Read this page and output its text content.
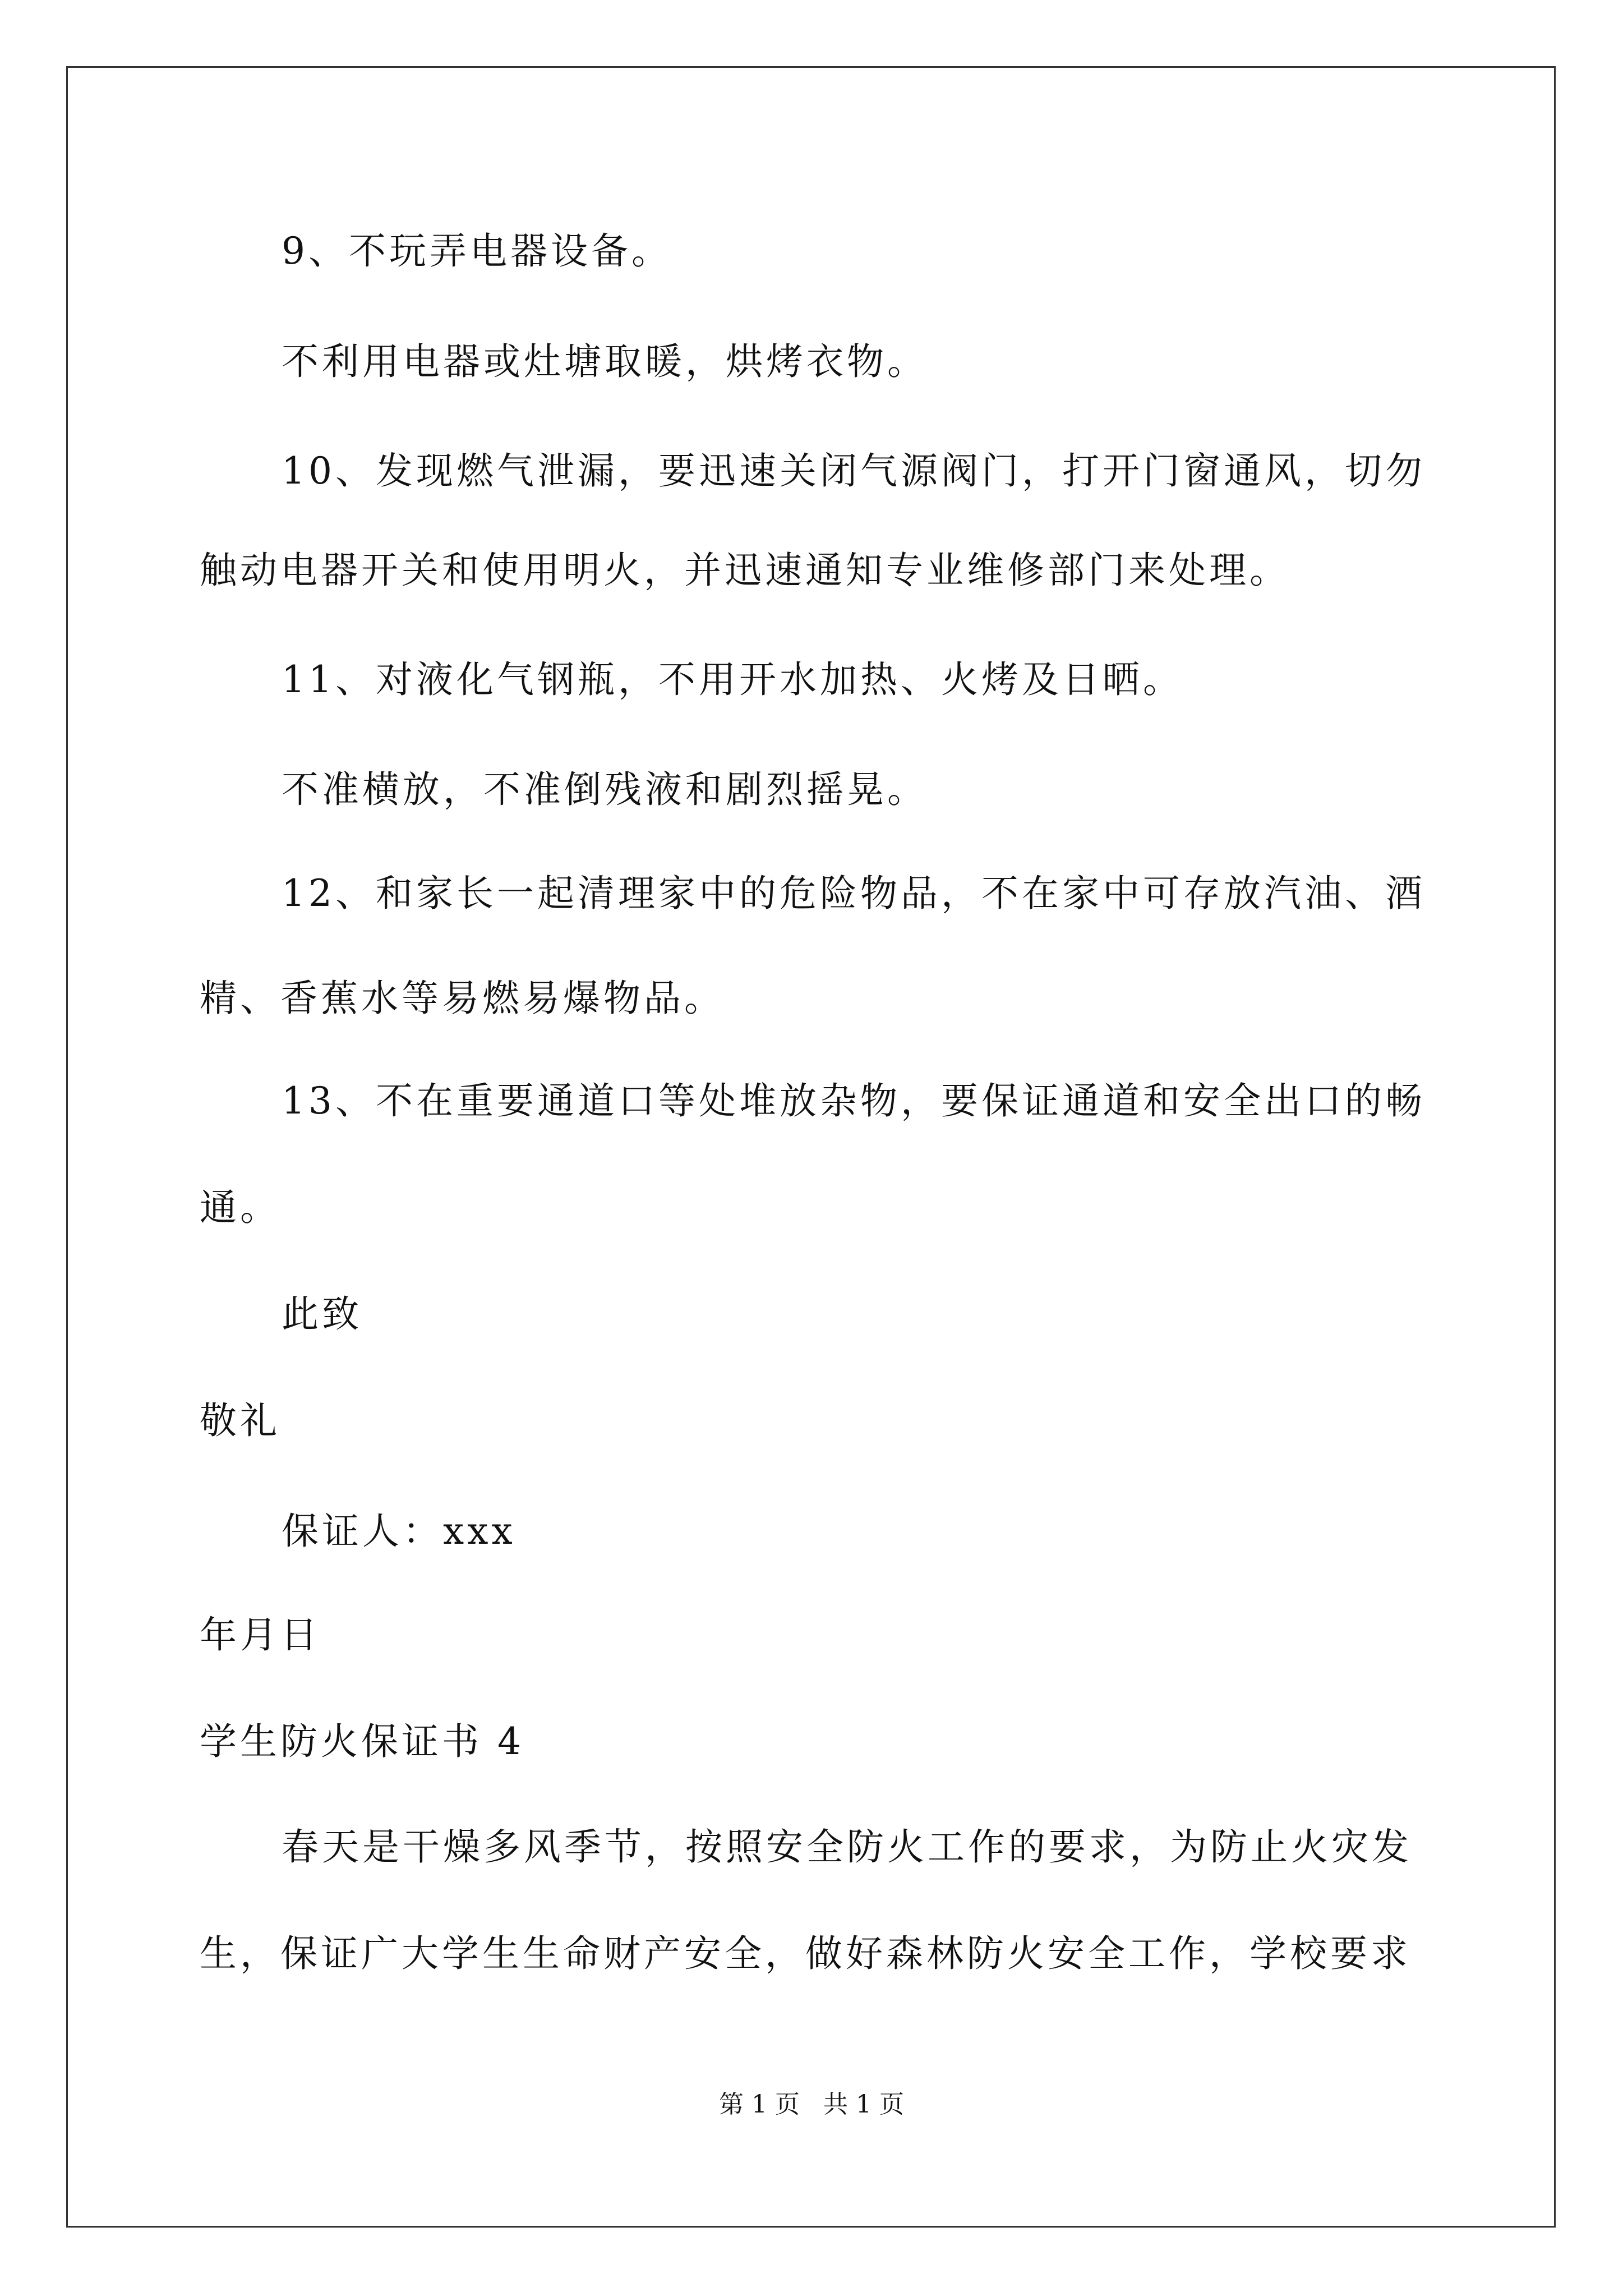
9、不玩弄电器设备。
不利用电器或灶塘取暖，烘烤衣物。
10、发现燃气泄漏，要迅速关闭气源阀门，打开门窗通风，切勿
触动电器开关和使用明火，并迅速通知专业维修部门来处理。
11、对液化气钢瓶，不用开水加热、火烤及日晒。
不准横放，不准倒残液和剧烈摇晃。
12、和家长一起清理家中的危险物品，不在家中可存放汽油、酒
精、香蕉水等易燃易爆物品。
13、不在重要通道口等处堆放杂物，要保证通道和安全出口的畅
通。
此致
敬礼
保证人：xxx
年月日
学生防火保证书 4
春天是干燥多风季节，按照安全防火工作的要求，为防止火灾发
生，保证广大学生生命财产安全，做好森林防火安全工作，学校要求
第 1 页   共 1 页
